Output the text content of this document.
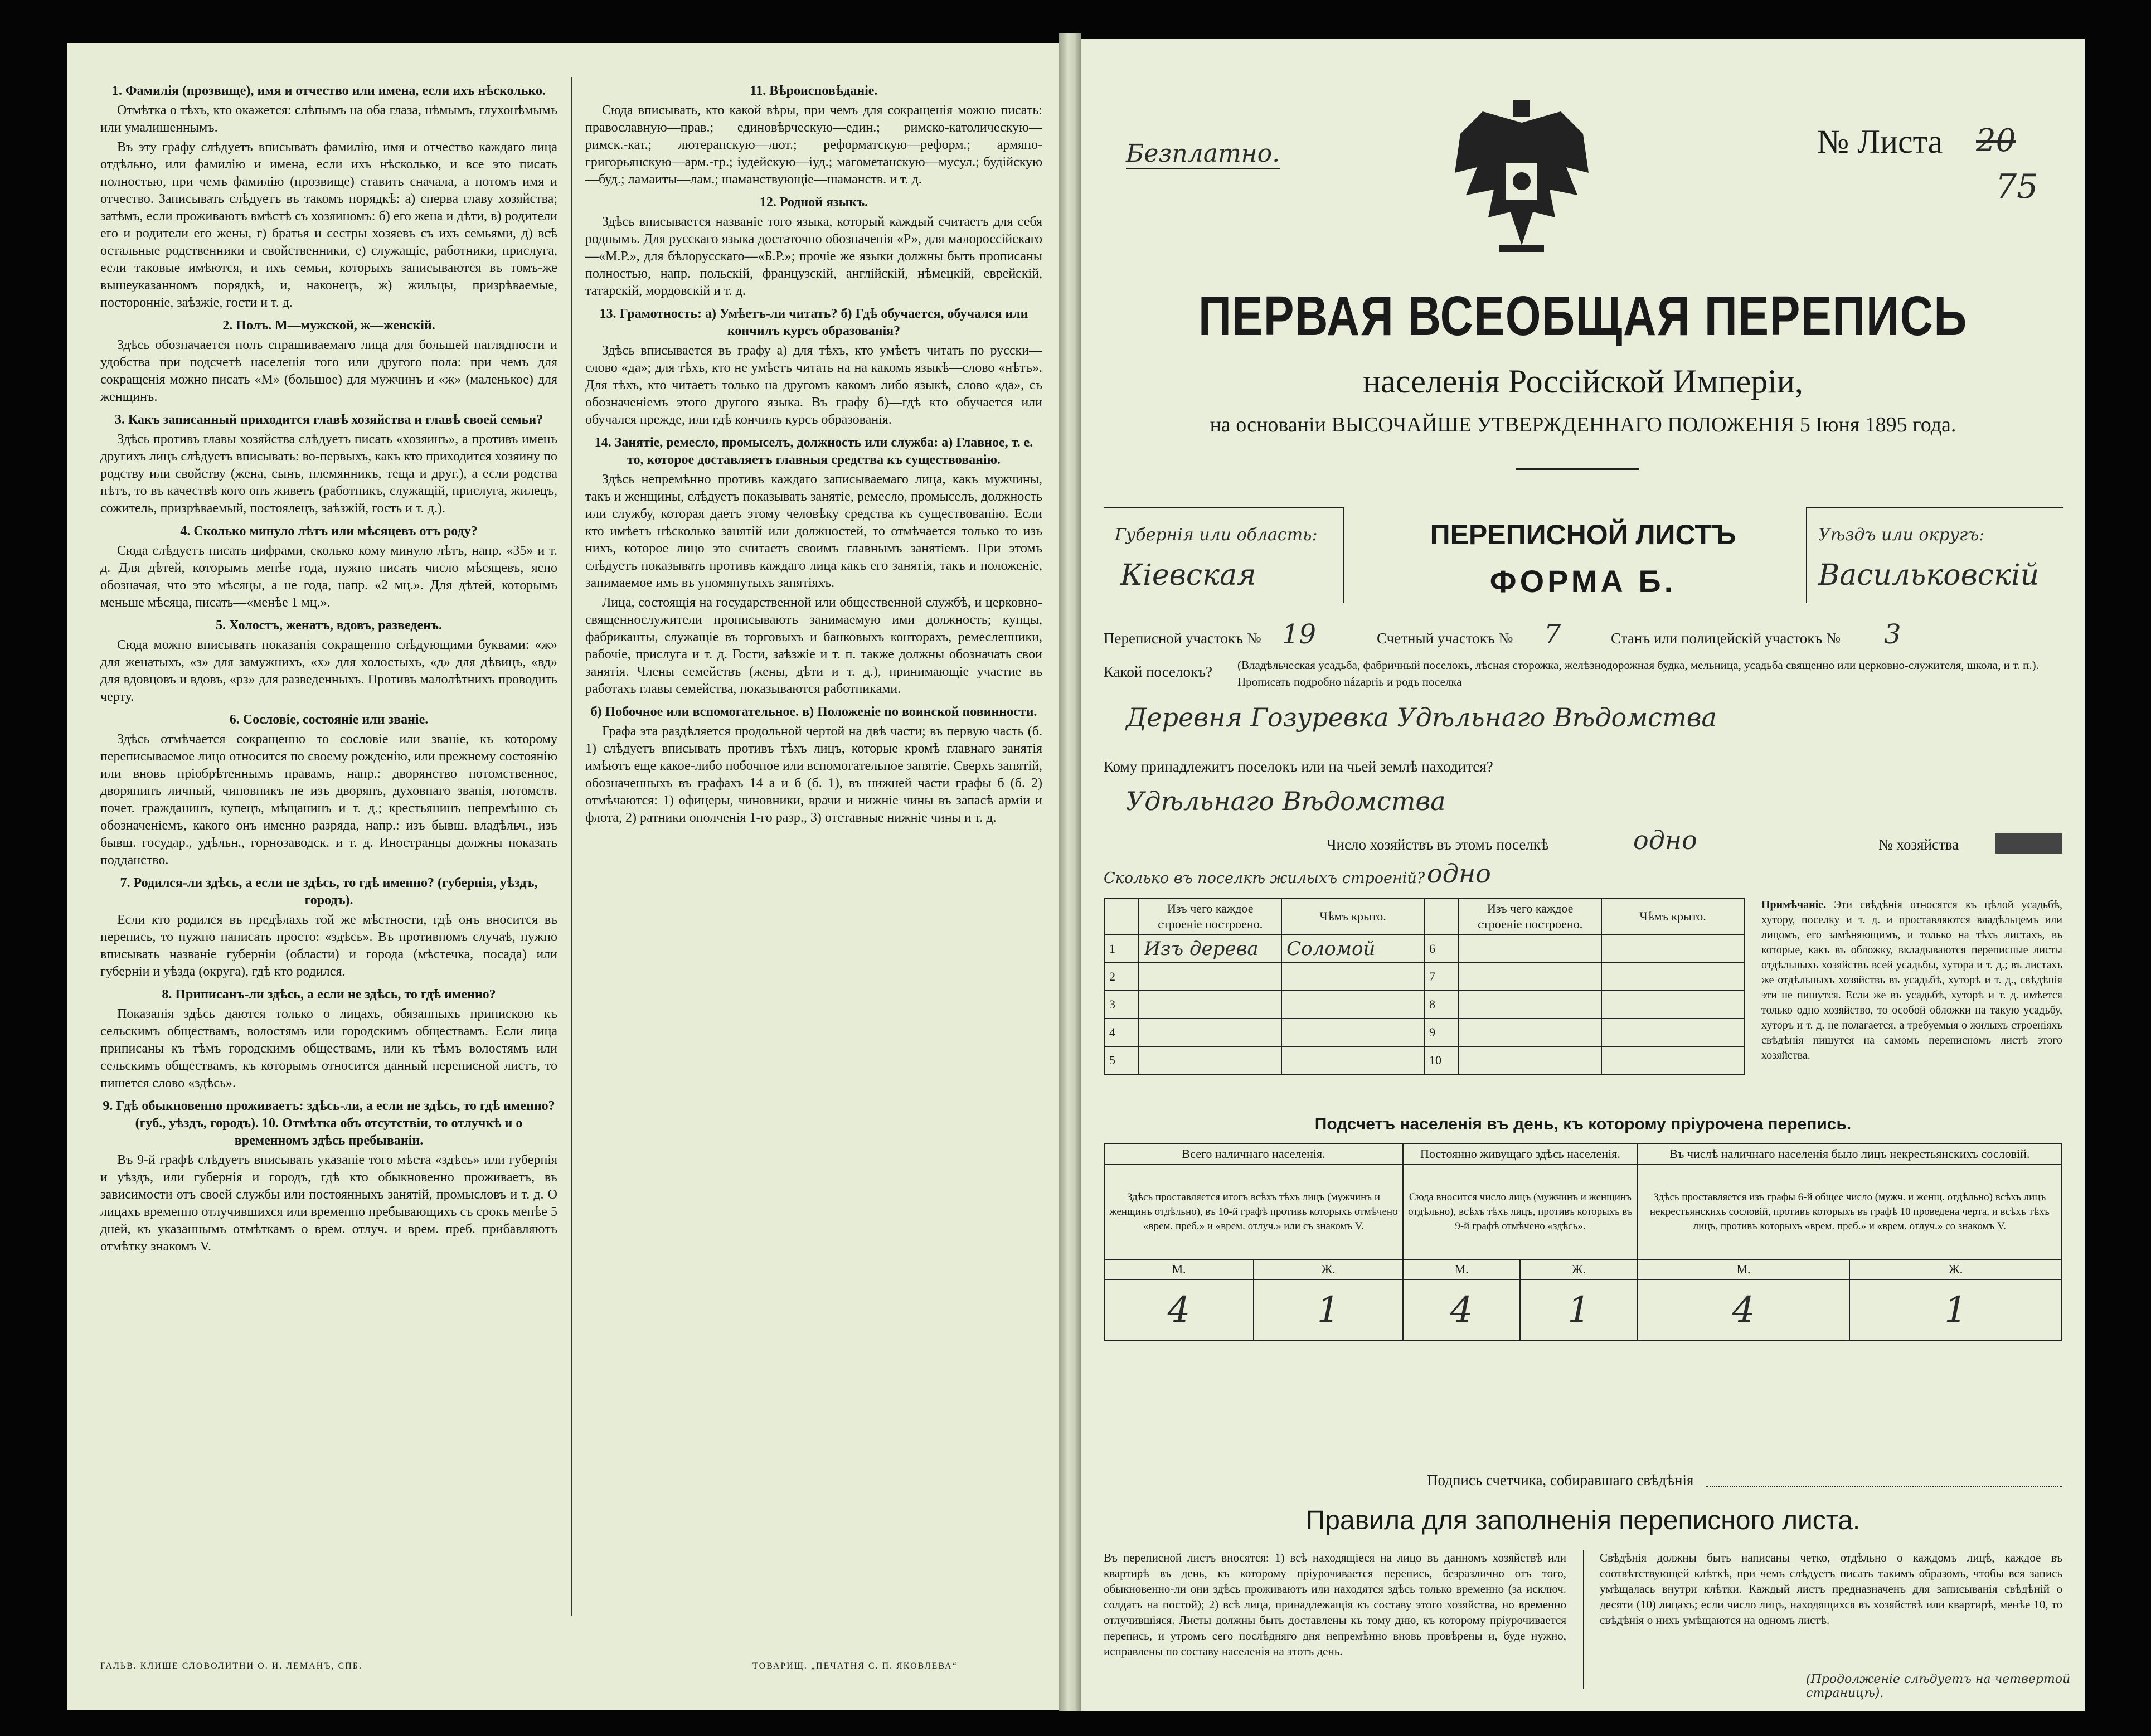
1. Фамилія (прозвище), имя и отчество или имена, если ихъ нѣсколько.
Отмѣтка о тѣхъ, кто окажется: слѣпымъ на оба глаза, нѣмымъ, глухонѣмымъ или умалишеннымъ.
Въ эту графу слѣдуетъ вписывать фамилію, имя и отчество каждаго лица отдѣльно, или фамилію и имена, если ихъ нѣсколько, и все это писать полностью, при чемъ фамилію (прозвище) ставить сначала, а потомъ имя и отчество. Записывать слѣдуетъ въ такомъ порядкѣ: а) сперва главу хозяйства; затѣмъ, если проживаютъ вмѣстѣ съ хозяиномъ: б) его жена и дѣти, в) родители его и родители его жены, г) братья и сестры хозяевъ съ ихъ семьями, д) всѣ остальные родственники и свойственники, е) служащіе, работники, прислуга, если таковые имѣются, и ихъ семьи, которыхъ записываются въ томъ-же вышеуказанномъ порядкѣ, и, наконецъ, ж) жильцы, призрѣваемые, посторонніе, заѣзжіе, гости и т. д.
2. Полъ. М—мужской, ж—женскій.
Здѣсь обозначается полъ спрашиваемаго лица для большей наглядности и удобства при подсчетѣ населенія того или другого пола: при чемъ для сокращенія можно писать «М» (большое) для мужчинъ и «ж» (маленькое) для женщинъ.
3. Какъ записанный приходится главѣ хозяйства и главѣ своей семьи?
Здѣсь противъ главы хозяйства слѣдуетъ писать «хозяинъ», а противъ именъ другихъ лицъ слѣдуетъ вписывать: во-первыхъ, какъ кто приходится хозяину по родству или свойству (жена, сынъ, племянникъ, теща и друг.), а если родства нѣтъ, то въ качествѣ кого онъ живетъ (работникъ, служащій, прислуга, жилецъ, сожитель, призрѣваемый, постоялецъ, заѣзжій, гость и т. д.).
4. Сколько минуло лѣтъ или мѣсяцевъ отъ роду?
Сюда слѣдуетъ писать цифрами, сколько кому минуло лѣтъ, напр. «35» и т. д. Для дѣтей, которымъ менѣе года, нужно писать число мѣсяцевъ, ясно обозначая, что это мѣсяцы, а не года, напр. «2 мц.». Для дѣтей, которымъ меньше мѣсяца, писать—«менѣе 1 мц.».
5. Холостъ, женатъ, вдовъ, разведенъ.
Сюда можно вписывать показанія сокращенно слѣдующими буквами: «ж» для женатыхъ, «з» для замужнихъ, «х» для холостыхъ, «д» для дѣвицъ, «вд» для вдовцовъ и вдовъ, «рз» для разведенныхъ. Противъ малолѣтнихъ проводить черту.
6. Сословіе, состояніе или званіе.
Здѣсь отмѣчается сокращенно то сословіе или званіе, къ которому переписываемое лицо относится по своему рожденію, или прежнему состоянію или вновь пріобрѣтеннымъ правамъ, напр.: дворянство потомственное, дворянинъ личный, чиновникъ не изъ дворянъ, духовнаго званія, потомств. почет. гражданинъ, купецъ, мѣщанинъ и т. д.; крестьянинъ непремѣнно съ обозначеніемъ, какого онъ именно разряда, напр.: изъ бывш. владѣльч., изъ бывш. государ., удѣльн., горнозаводск. и т. д. Иностранцы должны показать подданство.
7. Родился-ли здѣсь, а если не здѣсь, то гдѣ именно? (губернія, уѣздъ, городъ).
Если кто родился въ предѣлахъ той же мѣстности, гдѣ онъ вносится въ перепись, то нужно написать просто: «здѣсь». Въ противномъ случаѣ, нужно вписывать названіе губерніи (области) и города (мѣстечка, посада) или губерніи и уѣзда (округа), гдѣ кто родился.
8. Приписанъ-ли здѣсь, а если не здѣсь, то гдѣ именно?
Показанія здѣсь даются только о лицахъ, обязанныхъ припискою къ сельскимъ обществамъ, волостямъ или городскимъ обществамъ. Если лица приписаны къ тѣмъ городскимъ обществамъ, или къ тѣмъ волостямъ или сельскимъ обществамъ, къ которымъ относится данный переписной листъ, то пишется слово «здѣсь».
9. Гдѣ обыкновенно проживаетъ: здѣсь-ли, а если не здѣсь, то гдѣ именно? (губ., уѣздъ, городъ). 10. Отмѣтка объ отсутствіи, то отлучкѣ и о временномъ здѣсь пребываніи.
Въ 9-й графѣ слѣдуетъ вписывать указаніе того мѣста «здѣсь» или губернія и уѣздъ, или губернія и городъ, гдѣ кто обыкновенно проживаетъ, въ зависимости отъ своей службы или постоянныхъ занятій, промысловъ и т. д. О лицахъ временно отлучившихся или временно пребывающихъ съ срокъ менѣе 5 дней, къ указаннымъ отмѣткамъ о врем. отлуч. и врем. преб. прибавляютъ отмѣтку знакомъ V.
11. Вѣроисповѣданіе.
Сюда вписывать, кто какой вѣры, при чемъ для сокращенія можно писать: православную—прав.; единовѣрческую—един.; римско-католическую—римск.-кат.; лютеранскую—лют.; реформатскую—реформ.; армяно-григорьянскую—арм.-гр.; іудейскую—іуд.; магометанскую—мусул.; будійскую—буд.; ламаиты—лам.; шаманствующіе—шаманств. и т. д.
12. Родной языкъ.
Здѣсь вписывается названіе того языка, который каждый считаетъ для себя роднымъ. Для русскаго языка достаточно обозначенія «Р», для малороссійскаго—«М.Р.», для бѣлорусскаго—«Б.Р.»; прочіе же языки должны быть прописаны полностью, напр. польскій, французскій, англійскій, нѣмецкій, еврейскій, татарскій, мордовскій и т. д.
13. Грамотность: а) Умѣетъ-ли читать? б) Гдѣ обучается, обучался или кончилъ курсъ образованія?
Здѣсь вписывается въ графу а) для тѣхъ, кто умѣетъ читать по русски—слово «да»; для тѣхъ, кто не умѣетъ читать на на какомъ языкѣ—слово «нѣтъ». Для тѣхъ, кто читаетъ только на другомъ какомъ либо языкѣ, слово «да», съ обозначеніемъ этого другого языка. Въ графу б)—гдѣ кто обучается или обучался прежде, или гдѣ кончилъ курсъ образованія.
14. Занятіе, ремесло, промыселъ, должность или служба: а) Главное, т. е. то, которое доставляетъ главныя средства къ существованію.
Здѣсь непремѣнно противъ каждаго записываемаго лица, какъ мужчины, такъ и женщины, слѣдуетъ показывать занятіе, ремесло, промыселъ, должность или службу, которая даетъ этому человѣку средства къ существованію. Если кто имѣетъ нѣсколько занятій или должностей, то отмѣчается только то изъ нихъ, которое лицо это считаетъ своимъ главнымъ занятіемъ. При этомъ слѣдуетъ показывать противъ каждаго лица какъ его занятія, такъ и положеніе, занимаемое имъ въ упомянутыхъ занятіяхъ.
Лица, состоящія на государственной или общественной службѣ, и церковно-священнослужители прописываютъ занимаемую ими должность; купцы, фабриканты, служащіе въ торговыхъ и банковыхъ конторахъ, ремесленники, рабочіе, прислуга и т. д. Гости, заѣзжіе и т. п. также должны обозначать свои занятія. Члены семействъ (жены, дѣти и т. д.), принимающіе участие въ работахъ главы семейства, показываются работниками.
б) Побочное или вспомогательное. в) Положеніе по воинской повинности.
Графа эта раздѣляется продольной чертой на двѣ части; въ первую часть (б. 1) слѣдуетъ вписывать противъ тѣхъ лицъ, которые кромѣ главнаго занятія имѣютъ еще какое-либо побочное или вспомогательное занятіе. Сверхъ занятій, обозначенныхъ въ графахъ 14 а и б (б. 1), въ нижней части графы б (б. 2) отмѣчаются: 1) офицеры, чиновники, врачи и нижніе чины въ запасѣ арміи и флота, 2) ратники ополченія 1-го разр., 3) отставные нижніе чины и т. д.
ГАЛЬВ. КЛИШЕ СЛОВОЛИТНИ О. И. ЛЕМАНЪ, СПБ.	ТОВАРИЩ. „ПЕЧАТНЯ С. П. ЯКОВЛЕВА“
Безплатно.	№ Листа 20
75
ПЕРВАЯ ВСЕОБЩАЯ ПЕРЕПИСЬ
населенія Россійской Имперіи,
на основаніи ВЫСОЧАЙШЕ УТВЕРЖДЕННАГО ПОЛОЖЕНІЯ 5 Іюня 1895 года.
Губернія или область:
Кіевская
ПЕРЕПИСНОЙ ЛИСТЪ
ФОРМА Б.
Уѣздъ или округъ:
Васильковскій
Переписной участокъ № 19	Счетный участокъ № 7	Станъ или полицейскій участокъ № 3
Какой поселокъ? (Владѣльческая усадьба, фабричный поселокъ, лѣсная сторожка, желѣзнодорожная будка, мельница, усадьба священно или церковно-служителя, школа, и т. п.). Прописать подробно názapriь и родъ поселка
Деревня Гозуревка Удѣльнаго Вѣдомства
Кому принадлежитъ поселокъ или на чьей землѣ находится?
Удѣльнаго Вѣдомства
Число хозяйствъ въ этомъ поселкѣ	одно	№ хозяйства
Сколько въ поселкѣ жилыхъ строеній? одно
	Изъ чего каждое строеніе построено.	Чѣмъ крыто.		Изъ чего каждое строеніе построено.	Чѣмъ крыто.
1	Изъ дерева	Соломой	6		
2			7		
3			8		
4			9		
5			10		
Примѣчаніе. Эти свѣдѣнія относятся къ цѣлой усадьбѣ, хутору, поселку и т. д. и проставляются владѣльцемъ или лицомъ, его замѣняющимъ, и только на тѣхъ листахъ, въ которые, какъ въ обложку, вкладываются переписные листы отдѣльныхъ хозяйствъ всей усадьбы, хутора и т. д.; въ листахъ же отдѣльныхъ хозяйствъ въ усадьбѣ, хуторѣ и т. д., свѣдѣнія эти не пишутся. Если же въ усадьбѣ, хуторѣ и т. д. имѣется только одно хозяйство, то особой обложки на такую усадьбу, хуторъ и т. д. не полагается, а требуемыя о жилыхъ строеніяхъ свѣдѣнія пишутся на самомъ переписномъ листѣ этого хозяйства.
Подсчетъ населенія въ день, къ которому пріурочена перепись.
Всего наличнаго населенія.		Постоянно живущаго здѣсь населенія.		Въ числѣ наличнаго населенія было лицъ некрестьянскихъ сословій.	
Здѣсь проставляется итогъ всѣхъ тѣхъ лицъ (мужчинъ и женщинъ отдѣльно), въ 10-й графѣ противъ которыхъ отмѣчено «врем. преб.» и «врем. отлуч.» или съ знакомъ V.		Сюда вносится число лицъ (мужчинъ и женщинъ отдѣльно), всѣхъ тѣхъ лицъ, противъ которыхъ въ 9-й графѣ отмѣчено «здѣсь».		Здѣсь проставляется изъ графы 6-й общее число (мужч. и женщ. отдѣльно) всѣхъ лицъ некрестьянскихъ сословій, противъ которыхъ въ графѣ 10 проведена черта, и всѣхъ тѣхъ лицъ, противъ которыхъ «врем. преб.» и «врем. отлуч.» со знакомъ V.	
М.	Ж.	М.	Ж.	М.	Ж.
4	1	4	1	4	1
Подпись счетчика, собиравшаго свѣдѣнія
Правила для заполненія переписного листа.
Въ переписной листъ вносятся: 1) всѣ находящіеся на лицо въ данномъ хозяйствѣ или квартирѣ въ день, къ которому пріурочивается перепись, безразлично отъ того, обыкновенно-ли они здѣсь проживаютъ или находятся здѣсь только временно (за исключ. солдатъ на постой); 2) всѣ лица, принадлежащія къ составу этого хозяйства, но временно отлучившіяся. Листы должны быть доставлены къ тому дню, къ которому пріурочивается перепись, и утромъ сего послѣдняго дня непремѣнно вновь провѣрены и, буде нужно, исправлены по составу населенія на этотъ день.
Свѣдѣнія должны быть написаны четко, отдѣльно о каждомъ лицѣ, каждое въ соотвѣтствующей клѣткѣ, при чемъ слѣдуетъ писать такимъ образомъ, чтобы вся запись умѣщалась внутри клѣтки. Каждый листъ предназначенъ для записыванія свѣдѣній о десяти (10) лицахъ; если число лицъ, находящихся въ хозяйствѣ или квартирѣ, менѣе 10, то свѣдѣнія о нихъ умѣщаются на одномъ листѣ.
(Продолженіе слѣдуетъ на четвертой страницѣ).
